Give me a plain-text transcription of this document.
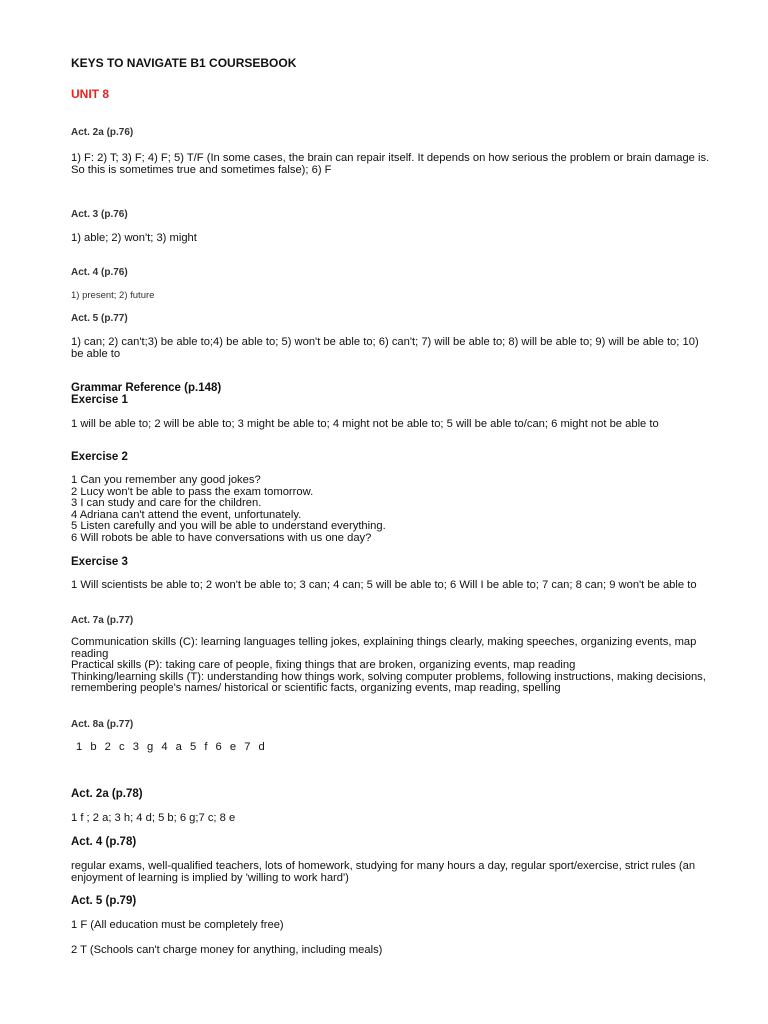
KEYS TO NAVIGATE B1 COURSEBOOK
UNIT 8
Act. 2a (p.76)
1) F: 2) T; 3) F; 4) F; 5) T/F (In some cases, the brain can repair itself. It depends on how serious the problem or brain damage is. So this is sometimes true and sometimes false); 6) F
Act. 3 (p.76)
1) able; 2) won't; 3) might
Act. 4 (p.76)
1) present; 2) future
Act. 5 (p.77)
1) can; 2) can't;3) be able to;4) be able to; 5) won't be able to; 6) can't; 7) will be able to; 8) will be able to; 9) will be able to; 10) be able to
Grammar Reference (p.148)
Exercise 1
1 will be able to; 2 will be able to; 3 might be able to; 4 might not be able to; 5 will be able to/can; 6 might not be able to
Exercise 2
1 Can you remember any good jokes?
2 Lucy won't be able to pass the exam tomorrow.
3 I can study and care for the children.
4 Adriana can't attend the event, unfortunately.
5 Listen carefully and you will be able to understand everything.
6 Will robots be able to have conversations with us one day?
Exercise 3
1 Will scientists be able to; 2 won't be able to; 3 can; 4 can; 5 will be able to; 6 Will I be able to; 7 can; 8 can; 9 won't be able to
Act. 7a (p.77)
Communication skills (C): learning languages telling jokes, explaining things clearly, making speeches, organizing events, map reading
Practical skills (P): taking care of people, fixing things that are broken, organizing events, map reading
Thinking/learning skills (T): understanding how things work, solving computer problems, following instructions, making decisions, remembering people's names/ historical or scientific facts, organizing events, map reading, spelling
Act. 8a (p.77)
1 b 2 c 3 g 4 a 5 f 6 e 7 d
Act. 2a (p.78)
1 f ; 2 a; 3 h; 4 d; 5 b; 6 g;7 c; 8 e
Act. 4 (p.78)
regular exams, well-qualified teachers, lots of homework, studying for many hours a day, regular sport/exercise, strict rules (an enjoyment of learning is implied by 'willing to work hard')
Act. 5 (p.79)
1 F (All education must be completely free)
2 T (Schools can't charge money for anything, including meals)
